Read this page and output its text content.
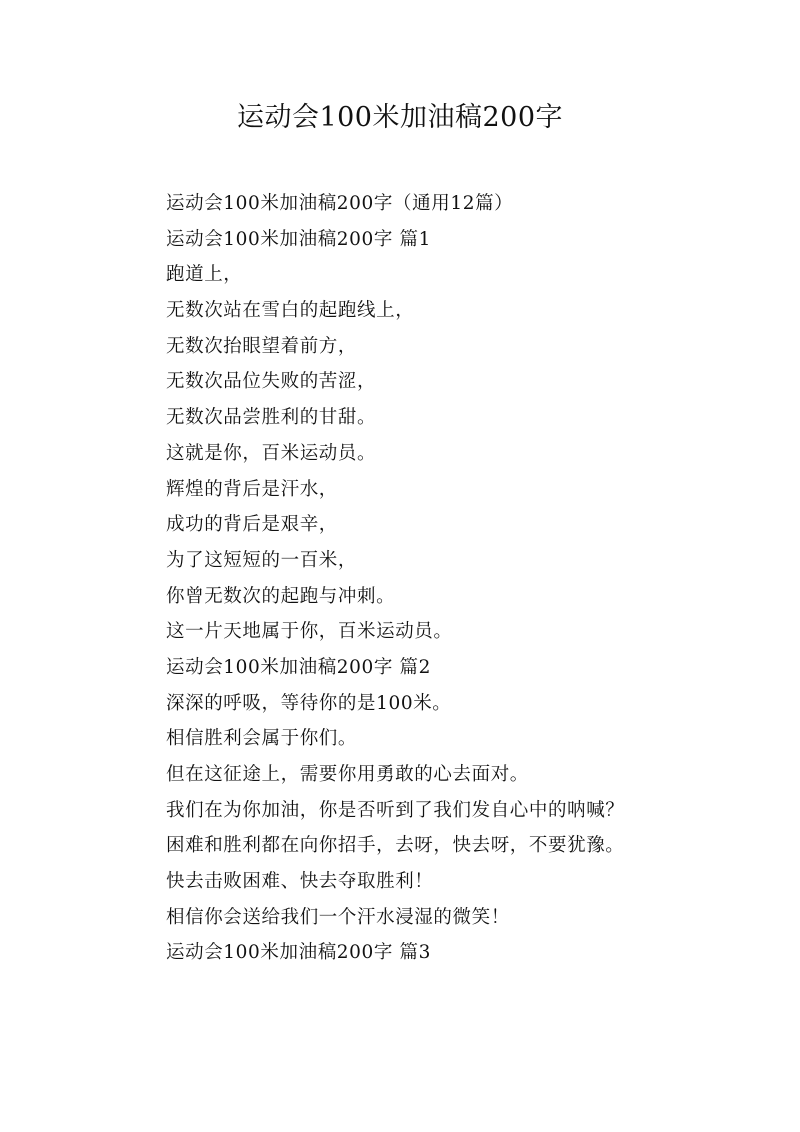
运动会100米加油稿200字
运动会100米加油稿200字（通用12篇）
运动会100米加油稿200字 篇1
跑道上，
无数次站在雪白的起跑线上，
无数次抬眼望着前方，
无数次品位失败的苦涩，
无数次品尝胜利的甘甜。
这就是你，百米运动员。
辉煌的背后是汗水，
成功的背后是艰辛，
为了这短短的一百米，
你曾无数次的起跑与冲刺。
这一片天地属于你，百米运动员。
运动会100米加油稿200字 篇2
深深的呼吸，等待你的是100米。
相信胜利会属于你们。
但在这征途上，需要你用勇敢的心去面对。
我们在为你加油，你是否听到了我们发自心中的呐喊？
困难和胜利都在向你招手，去呀，快去呀，不要犹豫。
快去击败困难、快去夺取胜利！
相信你会送给我们一个汗水浸湿的微笑！
运动会100米加油稿200字 篇3
